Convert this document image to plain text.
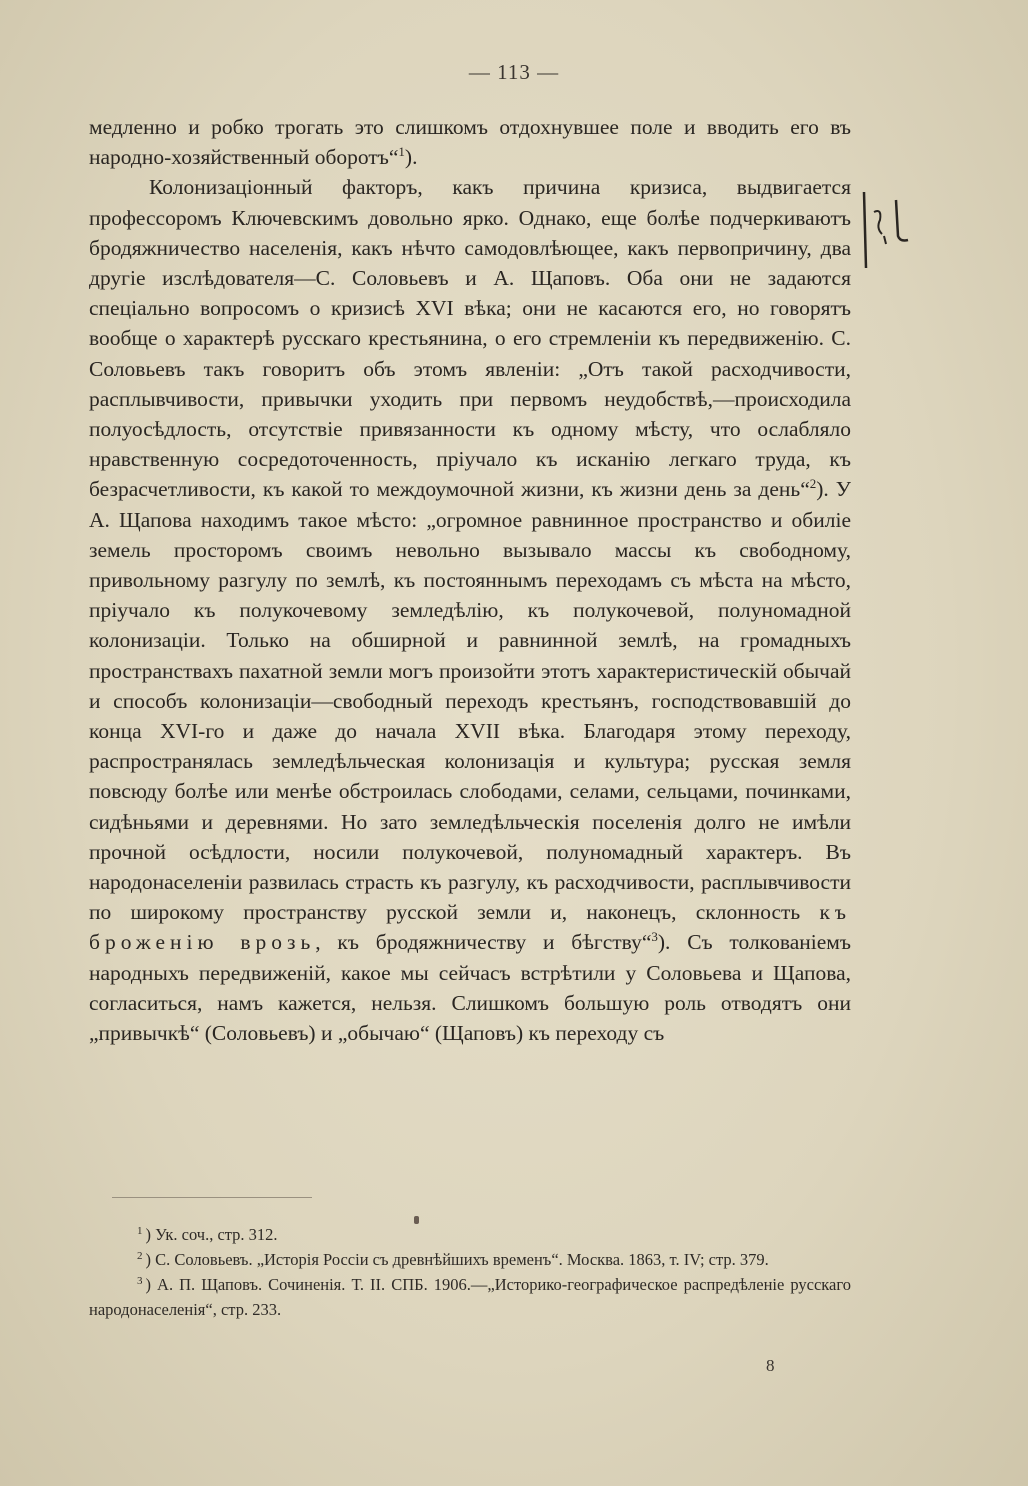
— 113 —

медленно и робко трогать это слишкомъ отдохнувшее поле и вводить его въ народно-хозяйственный оборотъ“$^1$).

Колонизаціонный факторъ, какъ причина кризиса, выдвигается профессоромъ Ключевскимъ довольно ярко. Однако, еще болѣе подчеркиваютъ бродяжничество населенія, какъ нѣчто самодовлѣющее, какъ первопричину, два другіе изслѣдователя—С. Соловьевъ и А. Щаповъ. Оба они не задаются спеціально вопросомъ о кризисѣ XVI вѣка; они не касаются его, но говорятъ вообще о характерѣ русскаго крестьянина, о его стремленіи къ передвиженію. С. Соловьевъ такъ говоритъ объ этомъ явленіи: „Отъ такой расходчивости, расплывчивости, привычки уходить при первомъ неудобствѣ,—происходила полуосѣдлость, отсутствіе привязанности къ одному мѣсту, что ослабляло нравственную сосредоточенность, пріучало къ исканію легкаго труда, къ безрасчетливости, къ какой то междоумочной жизни, къ жизни день за день“$^2$). У А. Щапова находимъ такое мѣсто: „огромное равнинное пространство и обиліе земель просторомъ своимъ невольно вызывало массы къ свободному, привольному разгулу по землѣ, къ постояннымъ переходамъ съ мѣста на мѣсто, пріучало къ полукочевому земледѣлію, къ полукочевой, полуномадной колонизаціи. Только на обширной и равнинной землѣ, на громадныхъ пространствахъ пахатной земли могъ произойти этотъ характеристическій обычай и способъ колонизаціи—свободный переходъ крестьянъ, господствовавшій до конца XVI-го и даже до начала XVII вѣка. Благодаря этому переходу, распространялась земледѣльческая колонизація и культура; русская земля повсюду болѣе или менѣе обстроилась слободами, селами, сельцами, починками, сидѣньями и деревнями. Но зато земледѣльческія поселенія долго не имѣли прочной осѣдлости, носили полукочевой, полуномадный характеръ. Въ народонаселеніи развилась страсть къ разгулу, къ расходчивости, расплывчивости по широкому пространству русской земли и, наконецъ, склонность къ броженію врозь, къ бродяжничеству и бѣгству“$^3$). Съ толкованіемъ народныхъ передвиженій, какое мы сейчасъ встрѣтили у Соловьева и Щапова, согласиться, намъ кажется, нельзя. Слишкомъ большую роль отводятъ они „привычкѣ“ (Соловьевъ) и „обычаю“ (Щаповъ) къ переходу съ

$^1$ ) Ук. соч., стр. 312.

$^2$ ) С. Соловьевъ. „Исторія Россіи съ древнѣйшихъ временъ“. Москва. 1863, т. IV; стр. 379.

$^3$ ) А. П. Щаповъ. Сочиненія. Т. II. СПБ. 1906.—„Историко-географическое распредѣленіе русскаго народонаселенія“, стр. 233.

8
